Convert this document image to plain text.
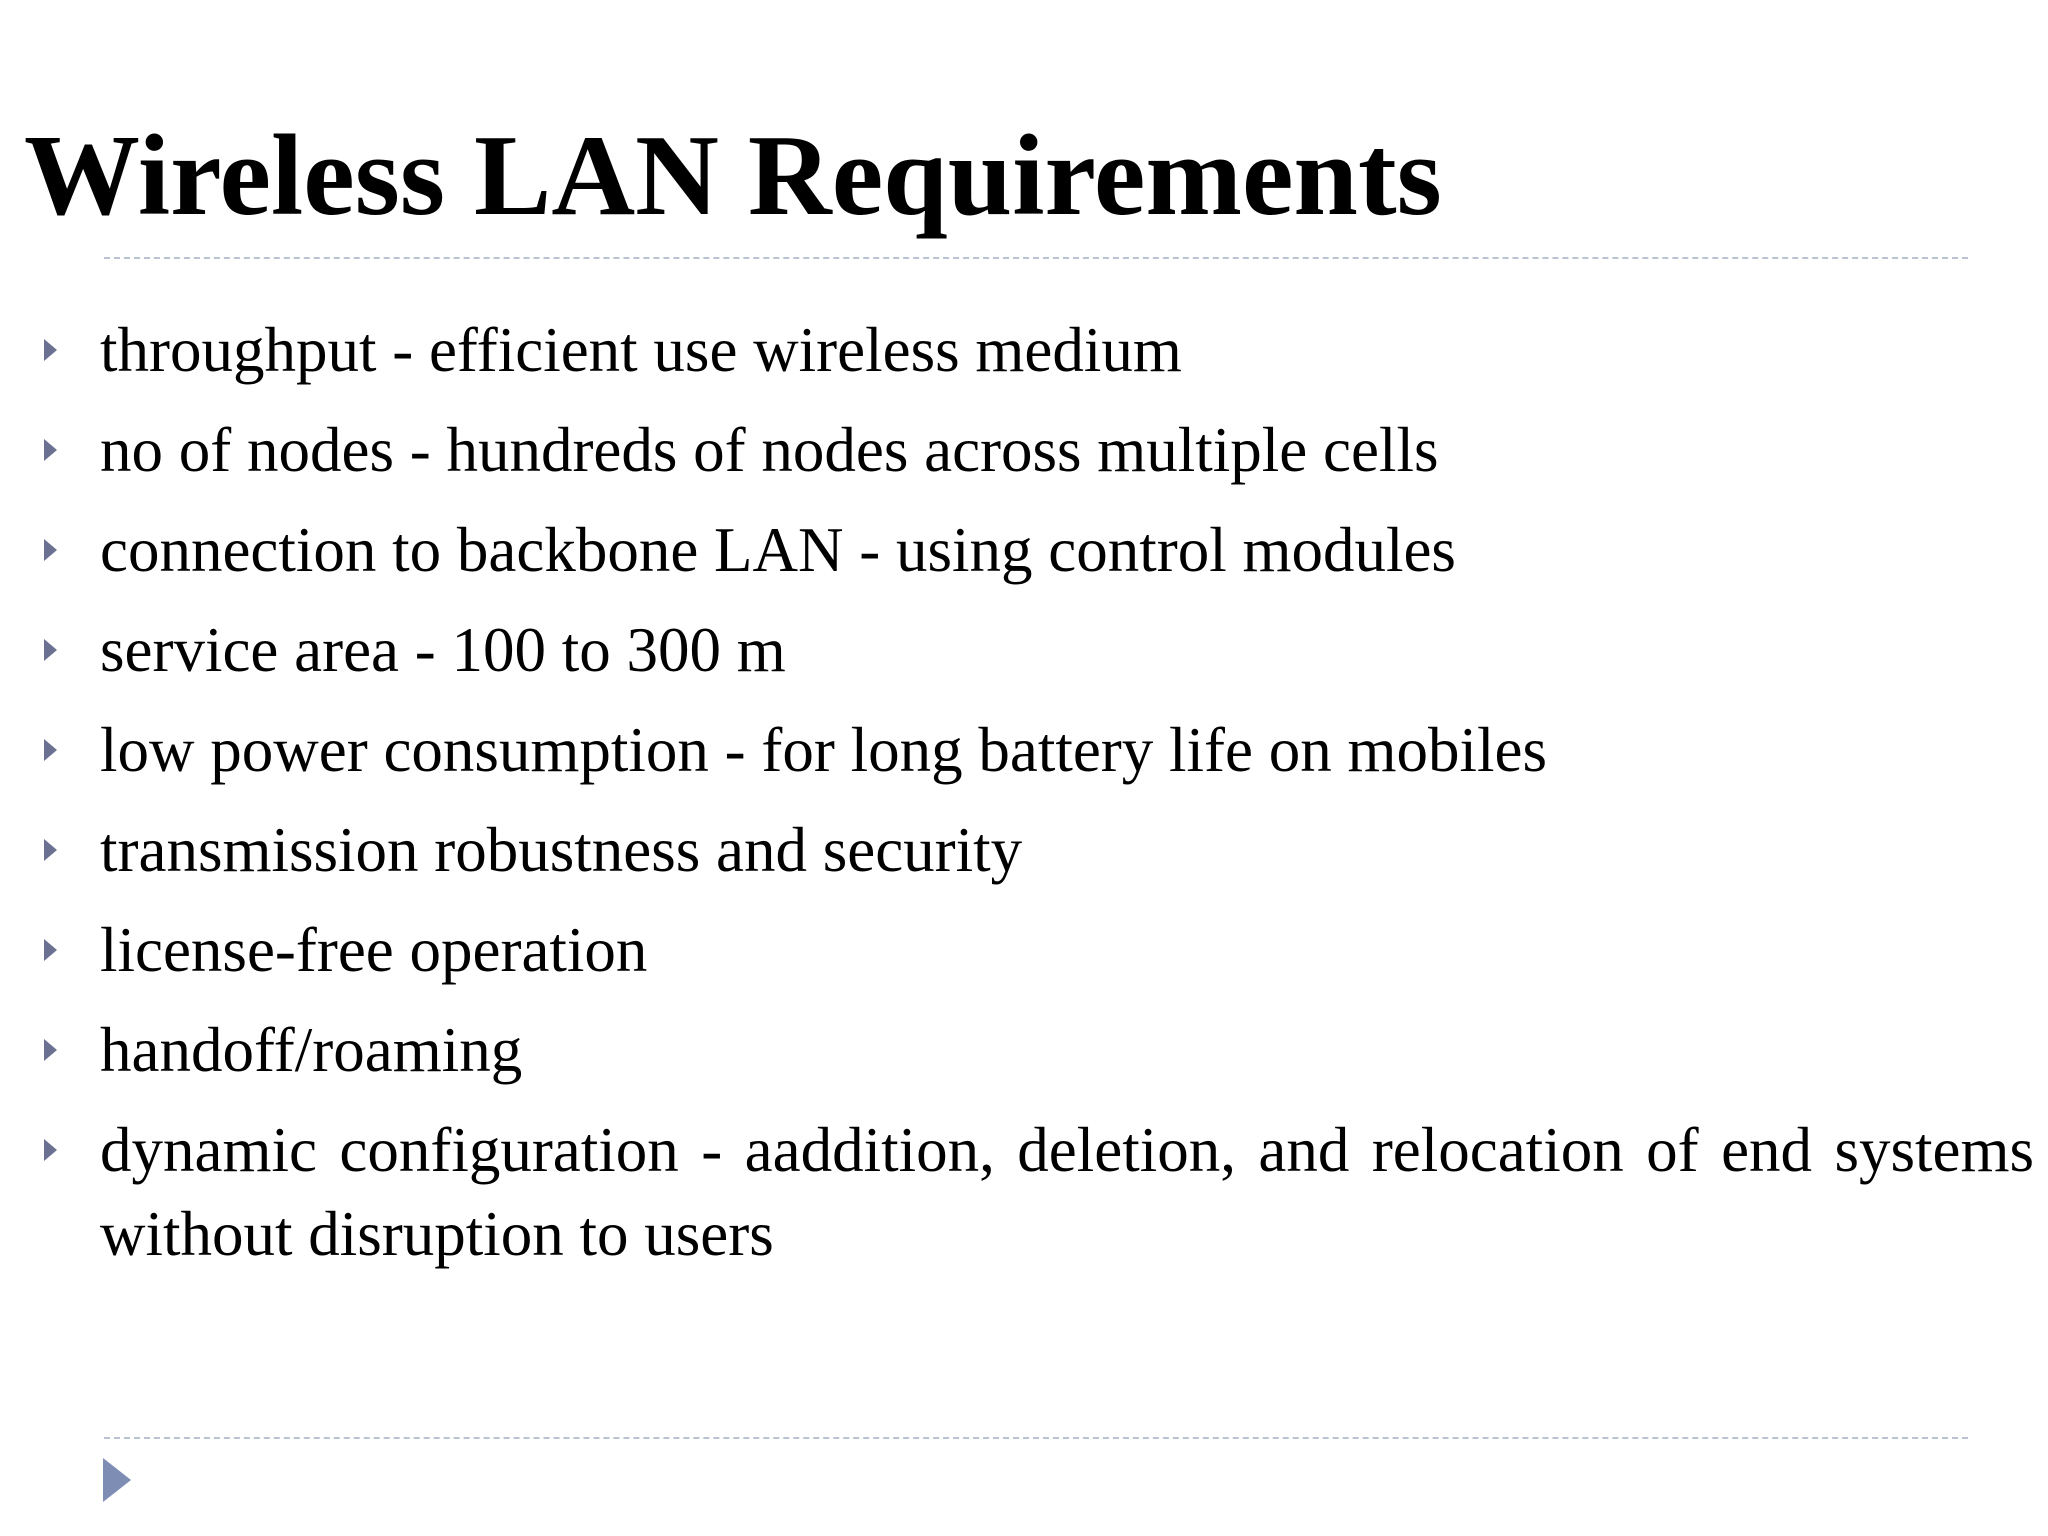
Wireless LAN Requirements
throughput - efficient use wireless medium
no of nodes - hundreds of nodes across multiple cells
connection to backbone LAN - using control modules
service area - 100 to 300 m
low power consumption - for long battery life on mobiles
transmission robustness and security
license-free operation
handoff/roaming
dynamic configuration - aaddition, deletion, and relocation of end systems without disruption to users
